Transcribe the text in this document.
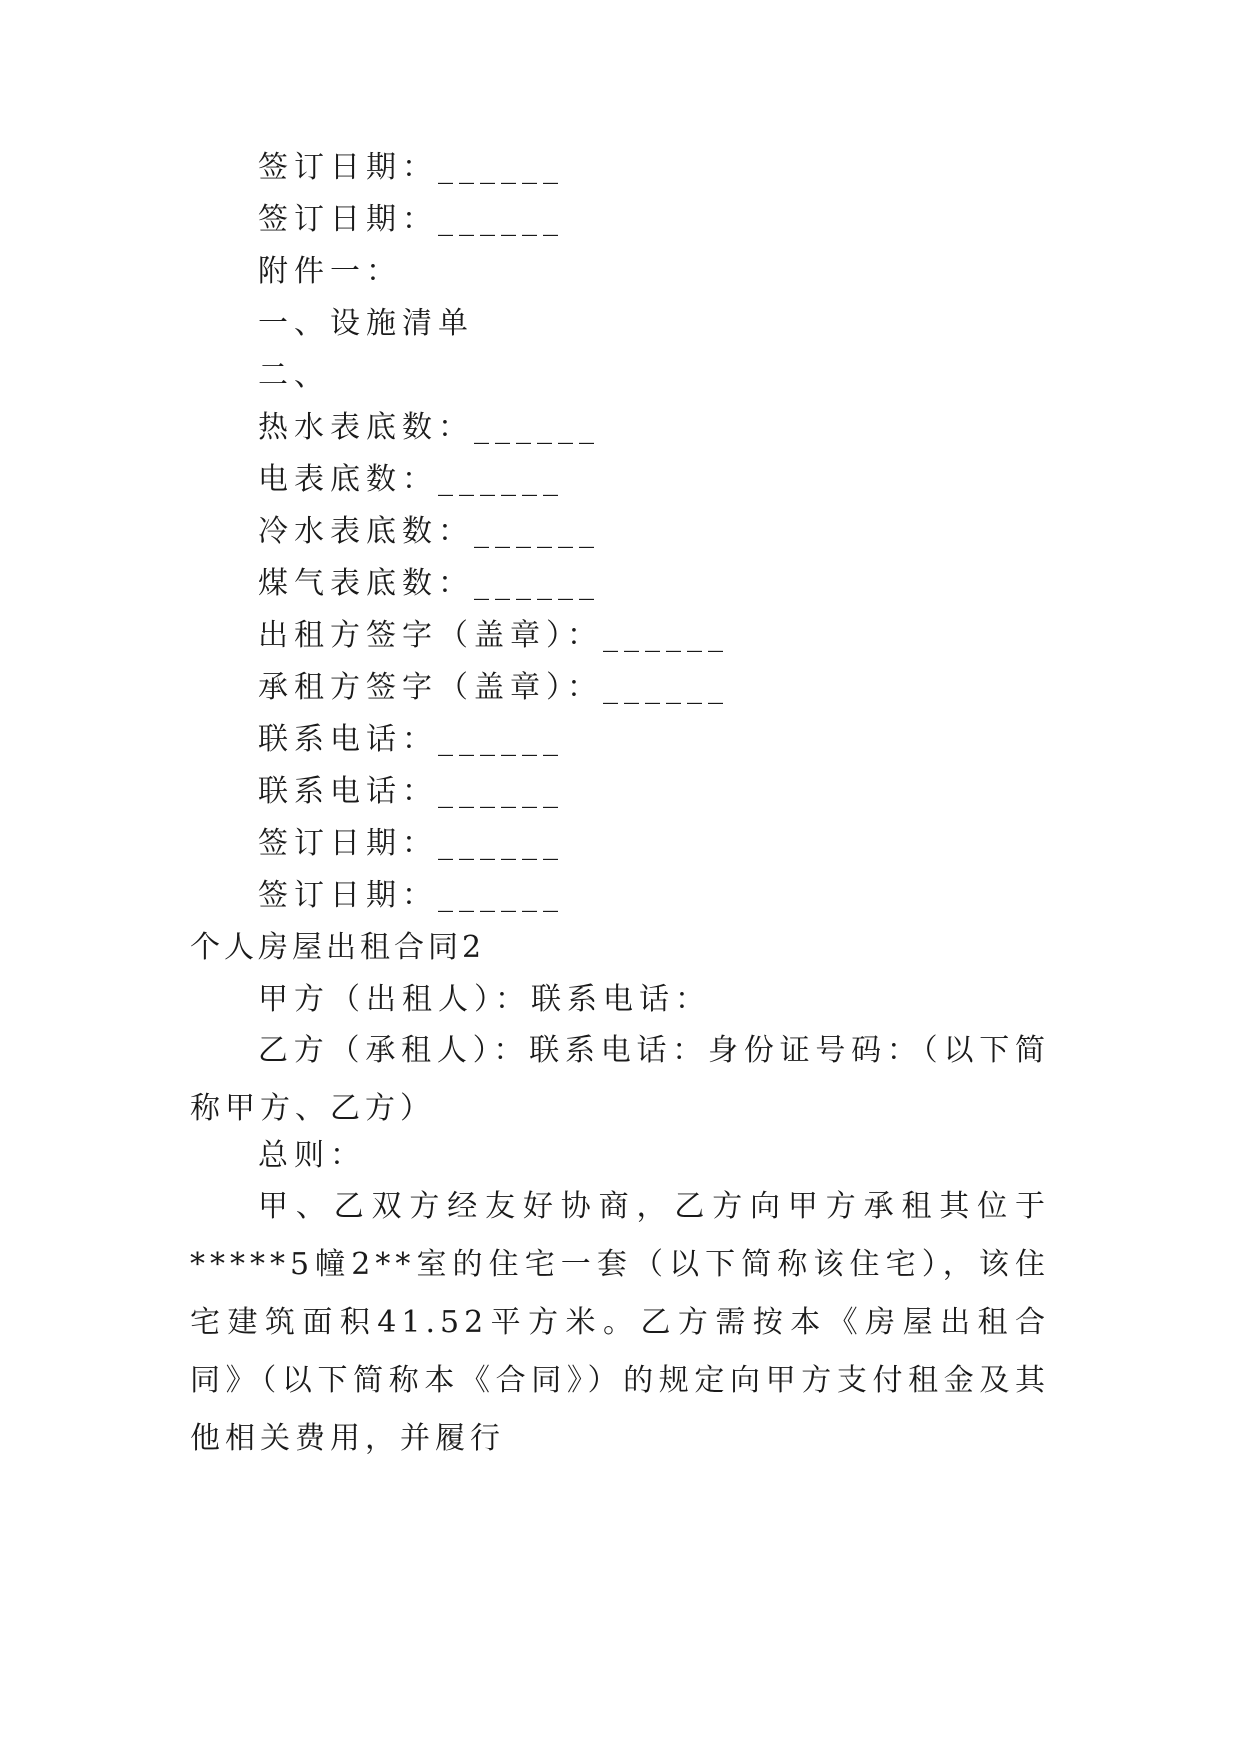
签订日期：______
签订日期：______
附件一：
一、设施清单
二、
热水表底数：______
电表底数：______
冷水表底数：______
煤气表底数：______
出租方签字（盖章）：______
承租方签字（盖章）：______
联系电话：______
联系电话：______
签订日期：______
签订日期：______
个人房屋出租合同2
甲方（出租人）：联系电话：

乙方（承租人）：联系电话：身份证号码：（以下简称甲方、乙方）

总则：

甲、乙双方经友好协商，乙方向甲方承租其位于*****5幢2**室的住宅一套（以下简称该住宅），该住宅建筑面积41.52平方米。乙方需按本《房屋出租合同》（以下简称本《合同》）的规定向甲方支付租金及其他相关费用，并履行
